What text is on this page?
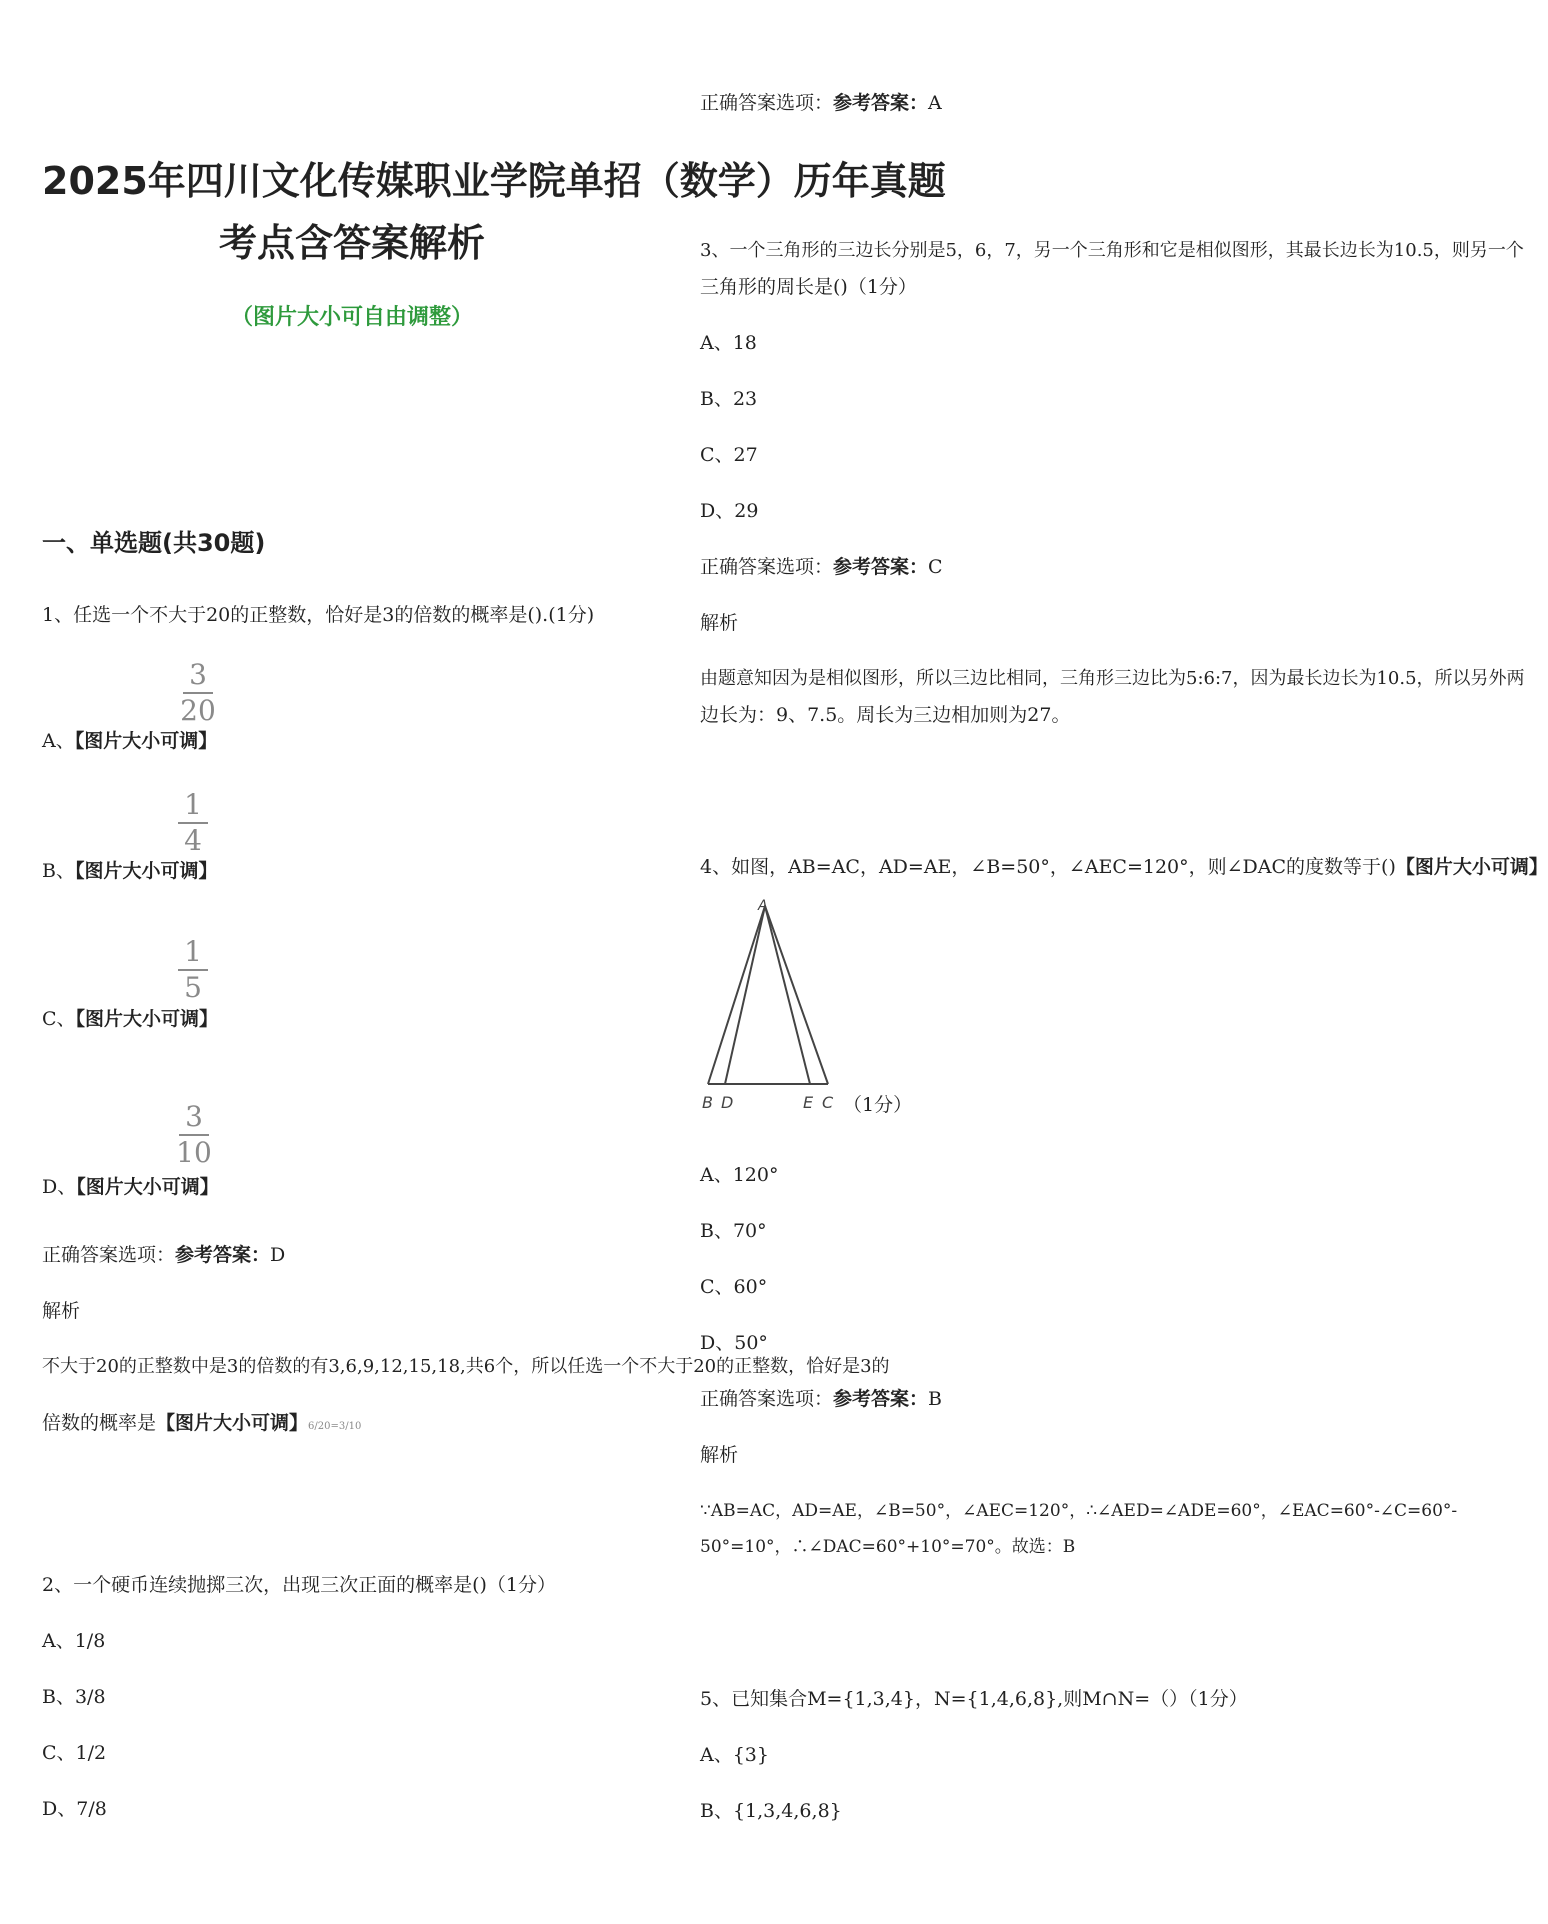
2025年四川文化传媒职业学院单招（数学）历年真题
考点含答案解析
（图片大小可自由调整）
一、单选题(共30题)
1、任选一个不大于20的正整数，恰好是3的倍数的概率是().(1分)
A、【图片大小可调】
3
20
B、【图片大小可调】
1
4
C、【图片大小可调】
1
5
D、【图片大小可调】
3
10
正确答案选项：参考答案：D
解析
不大于20的正整数中是3的倍数的有3,6,9,12,15,18,共6个，所以任选一个不大于20的正整数，恰好是3的
倍数的概率是【图片大小可调】6/20=3/10
2、一个硬币连续抛掷三次，出现三次正面的概率是()（1分）
A、1/8
B、3/8
C、1/2
D、7/8
正确答案选项：参考答案：A
3、一个三角形的三边长分别是5，6，7，另一个三角形和它是相似图形，其最长边长为10.5，则另一个
三角形的周长是()（1分）
A、18
B、23
C、27
D、29
正确答案选项：参考答案：C
解析
由题意知因为是相似图形，所以三边比相同，三角形三边比为5:6:7，因为最长边长为10.5，所以另外两
边长为：9、7.5。周长为三边相加则为27。
4、如图，AB=AC，AD=AE，∠B=50°，∠AEC=120°，则∠DAC的度数等于()【图片大小可调】
A
B D	E C （1分）
A、120°
B、70°
C、60°
D、50°
正确答案选项：参考答案：B
解析
∵AB=AC，AD=AE，∠B=50°，∠AEC=120°，∴∠AED=∠ADE=60°，∠EAC=60°-∠C=60°-
50°=10°，∴∠DAC=60°+10°=70°。故选：B
5、已知集合M={1,3,4}，N={1,4,6,8},则M∩N=（）（1分）
A、{3}
B、{1,3,4,6,8}
